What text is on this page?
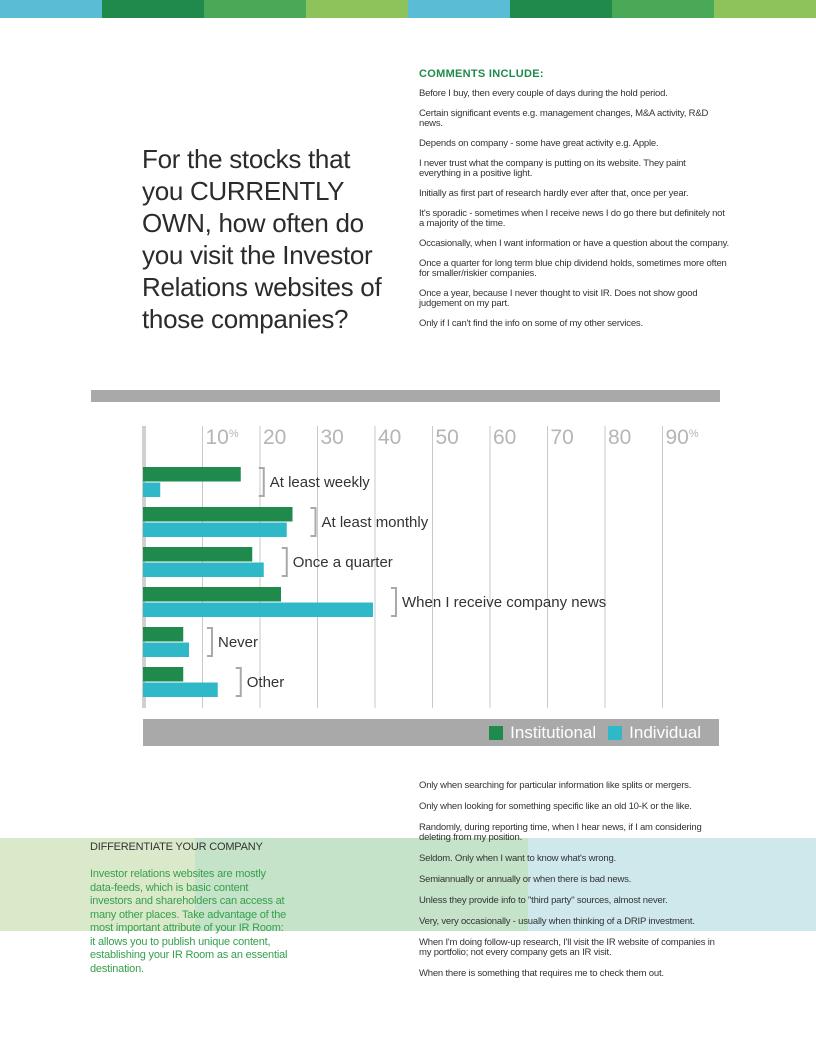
For the stocks that you CURRENTLY OWN, how often do you visit the Investor Relations websites of those companies?
COMMENTS INCLUDE:
Before I buy, then every couple of days during the hold period.
Certain significant events e.g. management changes, M&A activity, R&D news.
Depends on company - some have great activity e.g. Apple.
I never trust what the company is putting on its website. They paint everything in a positive light.
Initially as first part of research hardly ever after that, once per year.
It's sporadic - sometimes when I receive news I do go there but definitely not a majority of the time.
Occasionally, when I want information or have a question about the company.
Once a quarter for long term blue chip dividend holds, sometimes more often for smaller/riskier companies.
Once a year, because I never thought to visit IR. Does not show good judgement on my part.
Only if I can't find the info on some of my other services.
10% 20 30 40 50 60 70 80 90%
At least weekly
At least monthly
Once a quarter
When I receive company news
Never
Other
Institutional Individual
DIFFERENTIATE YOUR COMPANY
Investor relations websites are mostly data-feeds, which is basic content investors and shareholders can access at many other places. Take advantage of the most important attribute of your IR Room: it allows you to publish unique content, establishing your IR Room as an essential destination.
Only when searching for particular information like splits or mergers.
Only when looking for something specific like an old 10-K or the like.
Randomly, during reporting time, when I hear news, if I am considering deleting from my position.
Seldom. Only when I want to know what's wrong.
Semiannually or annually or when there is bad news.
Unless they provide info to "third party" sources, almost never.
Very, very occasionally - usually when thinking of a DRIP investment.
When I'm doing follow-up research, I'll visit the IR website of companies in my portfolio; not every company gets an IR visit.
When there is something that requires me to check them out.
